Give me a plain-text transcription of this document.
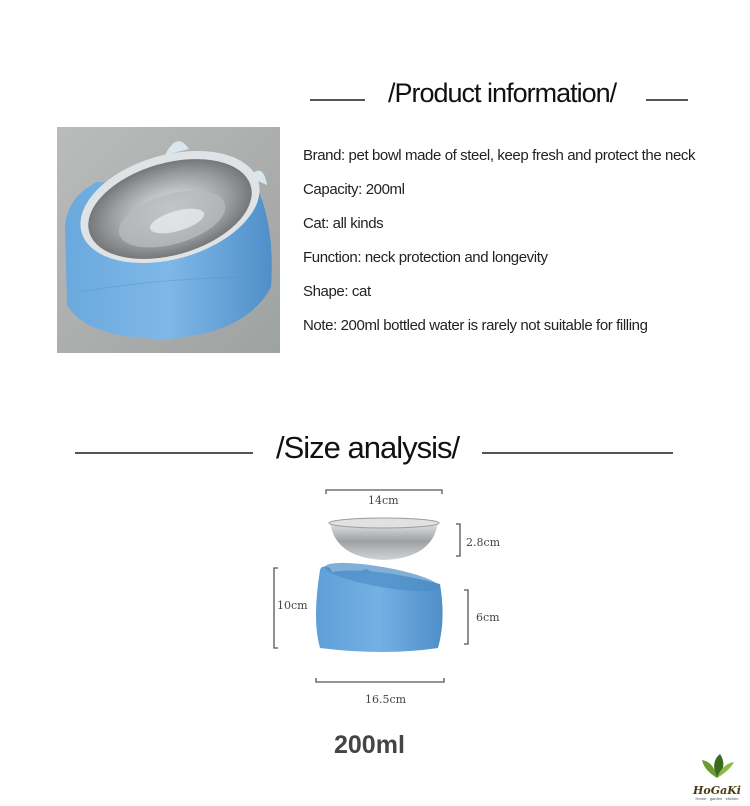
/Product information/
Brand: pet bowl made of steel, keep fresh and protect the neck
Capacity: 200ml
Cat: all kinds
Function: neck protection and longevity
Shape: cat
Note: 200ml bottled water is rarely not suitable for filling
/Size analysis/
14cm
2.8cm
10cm
6cm
16.5cm
200ml
HoGaKi
Home · garden · kitchen
